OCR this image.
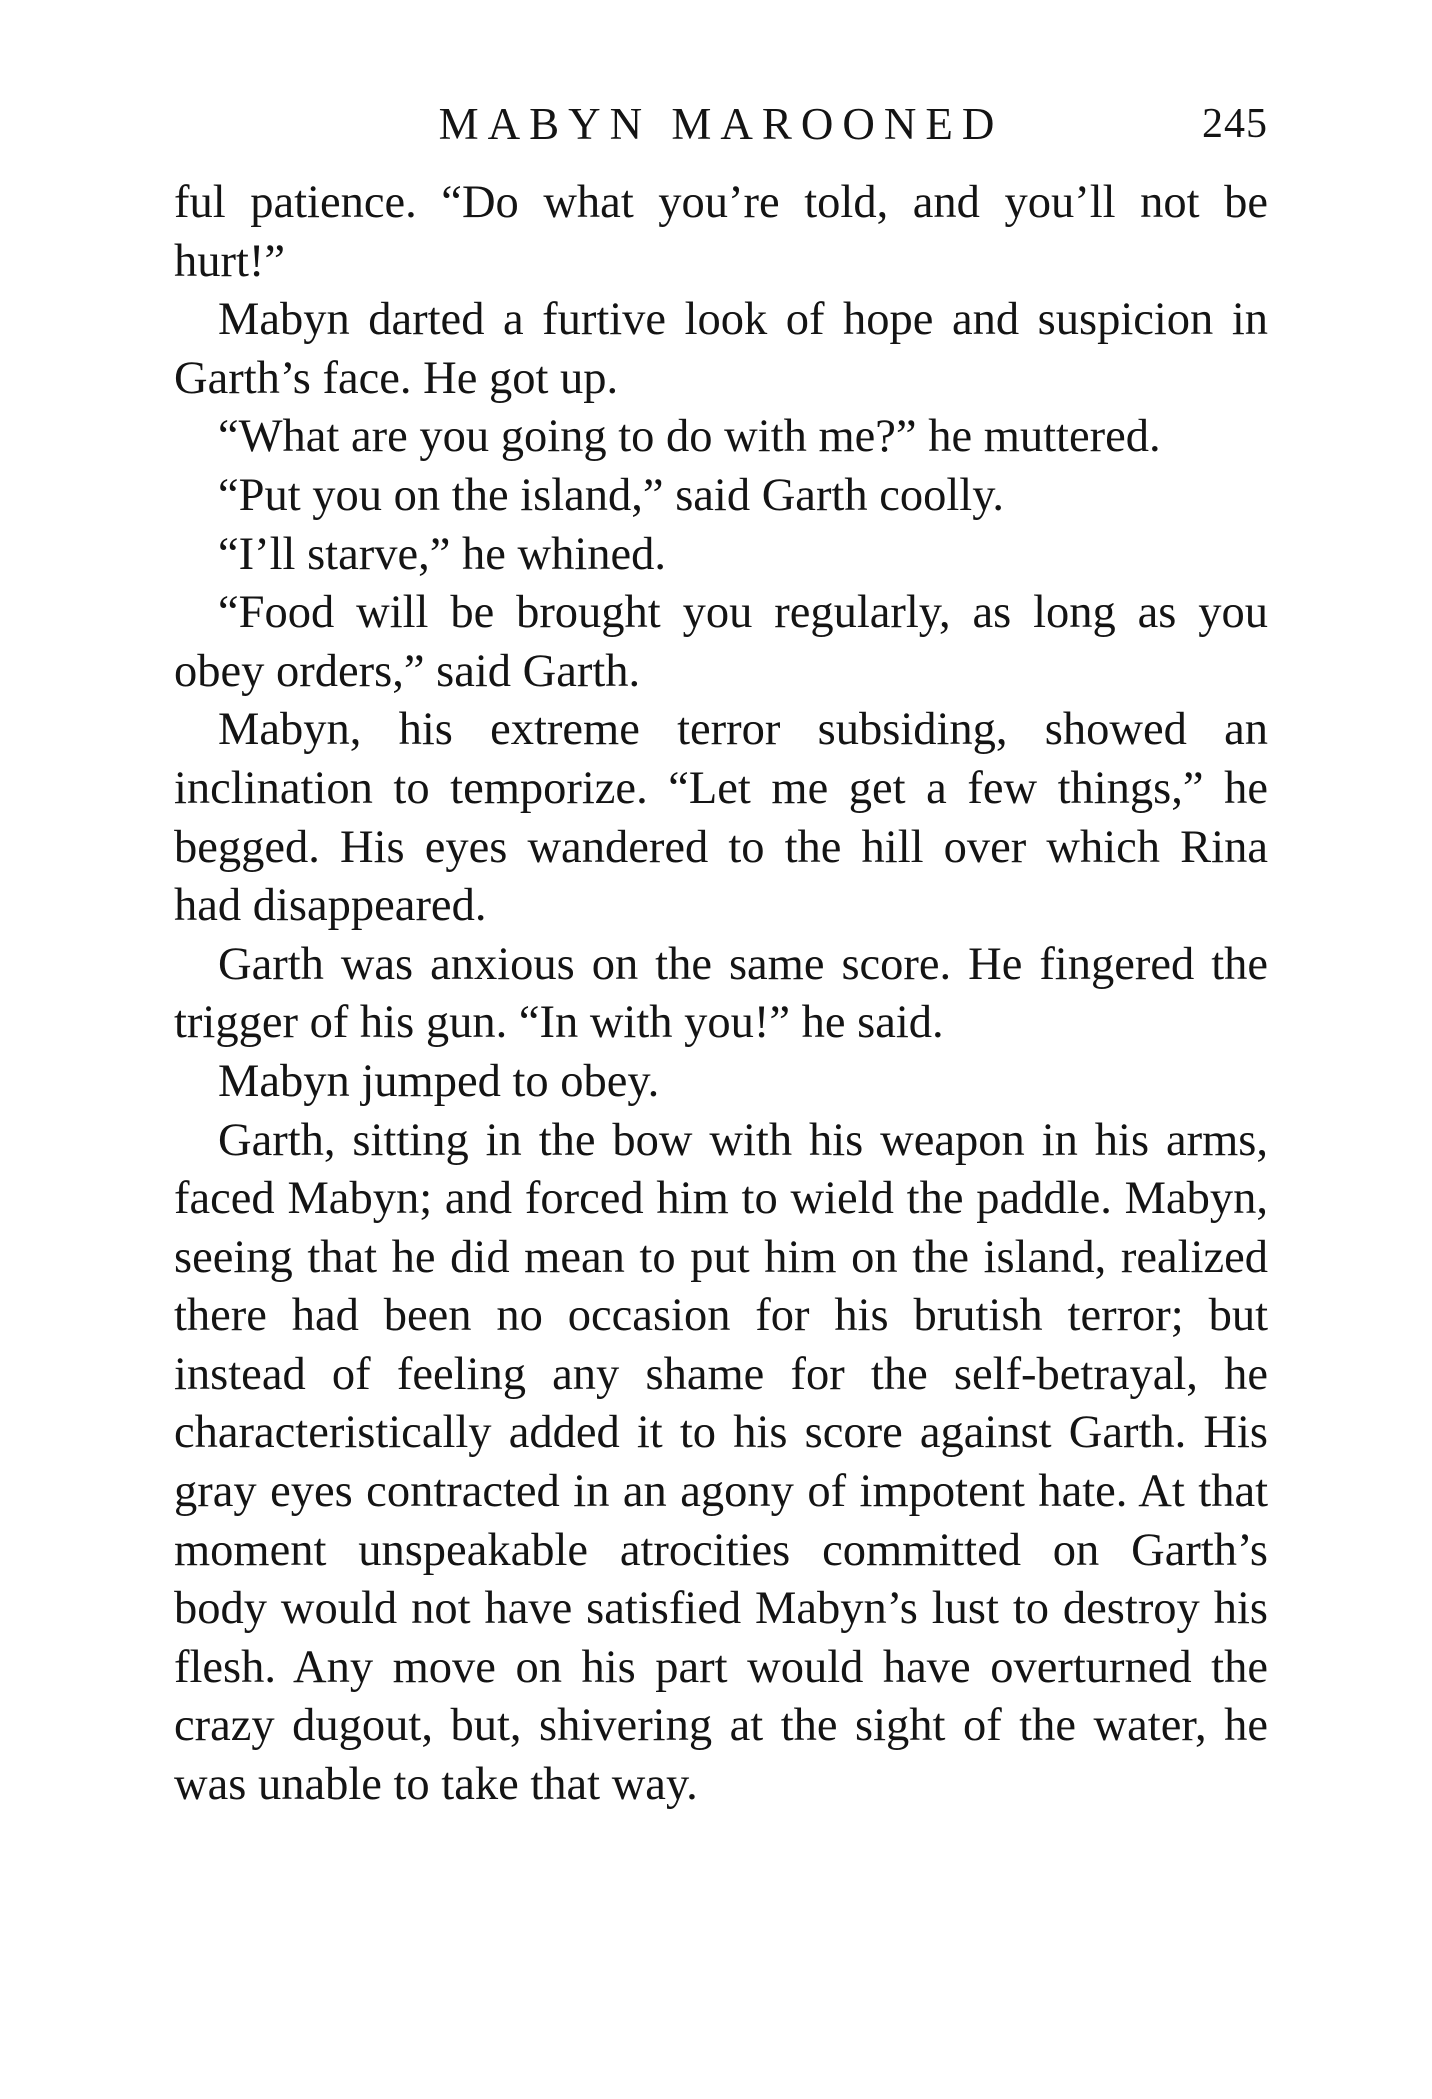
MABYN MAROONED	245

ful patience. “Do what you’re told, and you’ll not be hurt!”

Mabyn darted a furtive look of hope and suspicion in Garth’s face. He got up.

“What are you going to do with me?” he muttered.

“Put you on the island,” said Garth coolly.

“I’ll starve,” he whined.

“Food will be brought you regularly, as long as you obey orders,” said Garth.

Mabyn, his extreme terror subsiding, showed an inclination to temporize. “Let me get a few things,” he begged. His eyes wandered to the hill over which Rina had disappeared.

Garth was anxious on the same score. He fingered the trigger of his gun. “In with you!” he said.

Mabyn jumped to obey.

Garth, sitting in the bow with his weapon in his arms, faced Mabyn; and forced him to wield the paddle. Mabyn, seeing that he did mean to put him on the island, realized there had been no occasion for his brutish terror; but instead of feeling any shame for the self-betrayal, he characteristically added it to his score against Garth. His gray eyes contracted in an agony of impotent hate. At that moment unspeakable atrocities committed on Garth’s body would not have satisfied Mabyn’s lust to destroy his flesh. Any move on his part would have overturned the crazy dugout, but, shivering at the sight of the water, he was unable to take that way.
